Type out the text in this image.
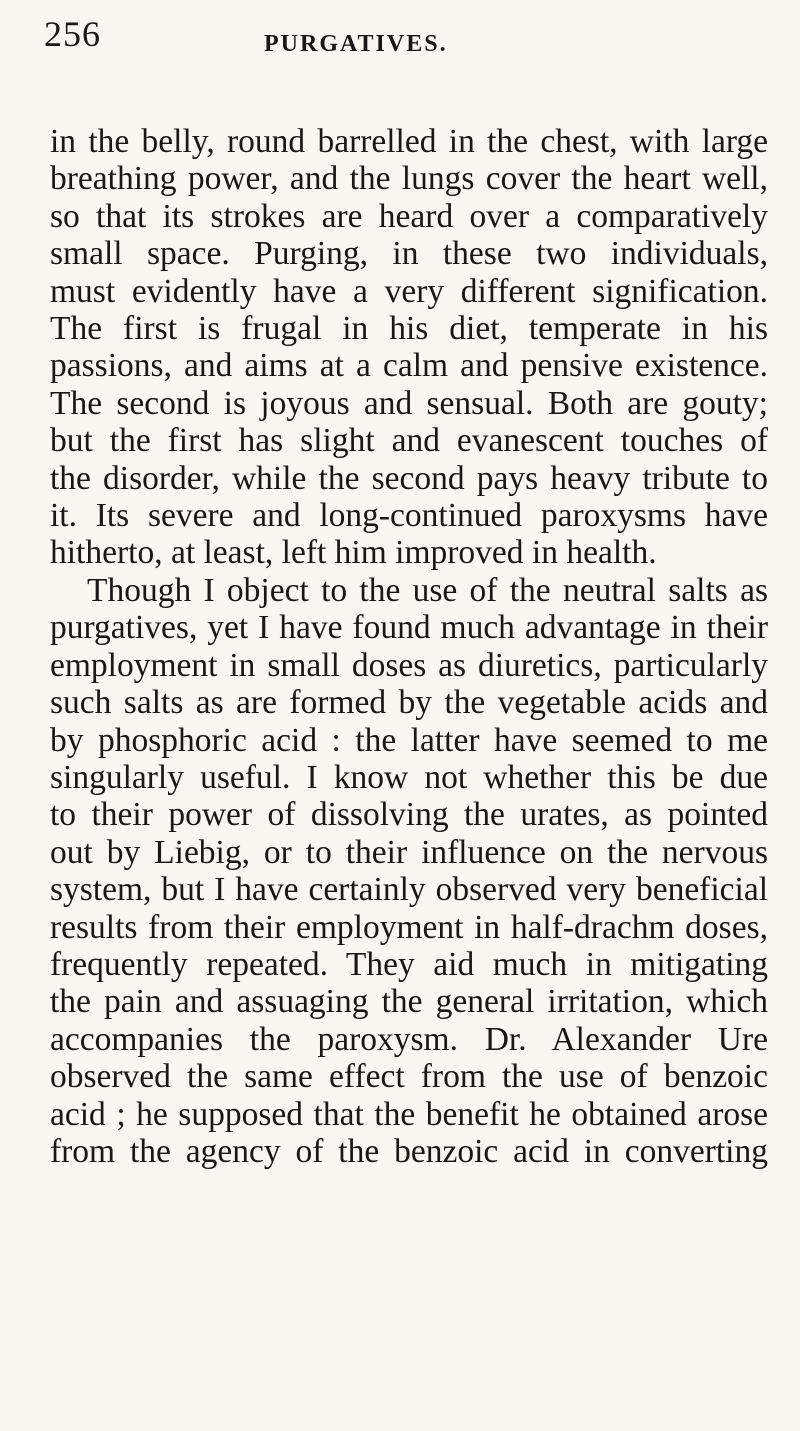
256	PURGATIVES.
in the belly, round barrelled in the chest, with large
breathing power, and the lungs cover the heart well,
so that its strokes are heard over a comparatively
small space. Purging, in these two individuals,
must evidently have a very different signification.
The first is frugal in his diet, temperate in his
passions, and aims at a calm and pensive existence.
The second is joyous and sensual. Both are gouty;
but the first has slight and evanescent touches of
the disorder, while the second pays heavy tribute to
it. Its severe and long-continued paroxysms have
hitherto, at least, left him improved in health.
Though I object to the use of the neutral salts as
purgatives, yet I have found much advantage in their
employment in small doses as diuretics, particularly
such salts as are formed by the vegetable acids and
by phosphoric acid : the latter have seemed to me
singularly useful. I know not whether this be due
to their power of dissolving the urates, as pointed
out by Liebig, or to their influence on the nervous
system, but I have certainly observed very beneficial
results from their employment in half-drachm doses,
frequently repeated. They aid much in mitigating
the pain and assuaging the general irritation, which
accompanies the paroxysm. Dr. Alexander Ure
observed the same effect from the use of benzoic
acid ; he supposed that the benefit he obtained arose
from the agency of the benzoic acid in converting
